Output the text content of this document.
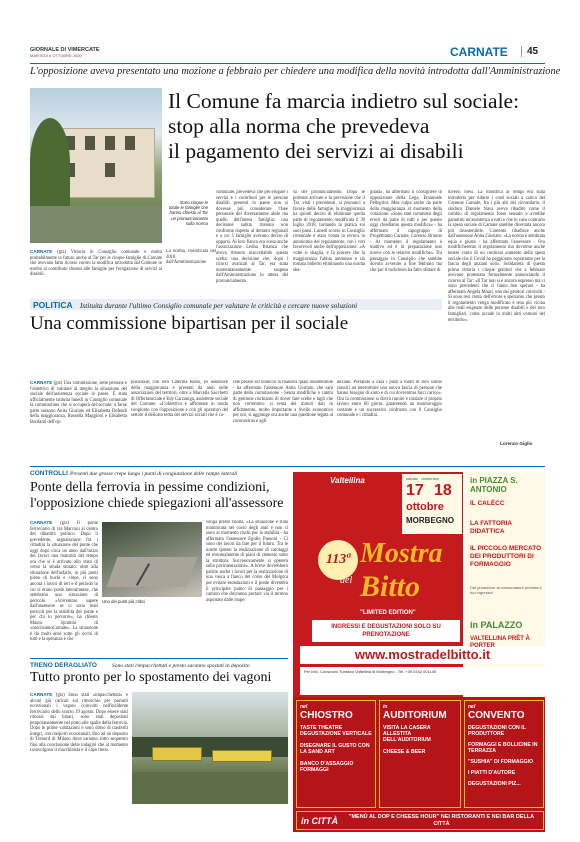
GIORNALE DI VIMERCATE
MARTEDÌ 6 OTTOBRE 2020	CARNATE	45
L'opposizione aveva presentato una mozione a febbraio per chiedere una modifica della novità introdotta dall'Amministrazione
Il Comune fa marcia indietro sul sociale:
stop alla norma che prevedeva
il pagamento dei servizi ai disabili
Sono cinque le totale le famiglie che hanno chiesto al Tar un pronunciamento sulla norma
CARNATE (gtz) Vittoria in Consiglio comunale e molto probabilmente in futuro anche al Tar per le cinque famiglie di Carnate che avevano fatto ricorso contro la modifica introdotta dal Comune in merito al contributo chiesto alle famiglie per l'erogazione di servizi ai disabili.
La norma, modificata nel 2018 dall'Amministrazione
comunale, prevedeva che per erogare i servizi e i contributi per le persone disabili presenti in paese non si dovesse più considerare l'Isee personale del diversamente abile ma quello dell'intera famiglia: una decisione subito ritenuta non conforme rispetto al dettami regionali e a cui 5 famiglie avevano deciso di opporsi. Al loro fianco era scesa anche l'associazione Ledha Brianza che aveva ritenuto inaccettabile questa scelta: una decisione che, dopo i ricorsi avanzati al Tar, era stata momentaneamente sospesa dall'Amministrazione in attesa del pronunciamento.
sa del pronunciamento. Dopo le proteste arrivate e la previsione che il Tar, visti i precedenti, si pronunci a favore delle famiglie, la maggioranza ha quindi deciso di eliminare quella parte di regolamento modificata il 30 luglio 2018, tornando in pratica sui suoi passi. Lunedì scorso in Consiglio comunale è stata votata la revoca in autonomia del regolamento, con i voti favorevoli anche dell'opposizione: «A volte si sbaglia, e fa piacere che la maggioranza l'abbia ammesso e sia tornata indietro eliminando una norma sba-
gliata», ha affermato il consigliere di opposizione della Lega, Emanuele Pellegrini. Mea culpa anche da parte della maggioranza al momento della votazione: «Sono stati commessi degli errori da parte di tutti e per questo oggi chiediamo questa modifica» - ha affermato il capogruppo di Progettiamo Carnate, Lorenzo Bruono - Al momento il regolamento è inattivo ed è in preparazione uno nuovo con le relative modifiche». Tra passaggio in Consiglio che sarebbe dovuto avvenire a fine febbraio ma che poi il lockdown ha fatto slittare di
diversi mesi. La modifica ai tempi era stata introdotta per ridurre i costi sociali a carico del Comune Carnate, fra i più alti del circondario, il sindaco Daniele Nava aveva ribadito come il cambio di regolamento fosse sensato e avrebbe garantito un'assistenza a tutti e che in caso contrario la spesa sociale di Carnate sarebbe diventata ancora più insostenibile. Contento ribadisce anche dall'assessore Anita Giuriato: «La norma è sembrata equa e giusta - ha affermato l'assessore - Ora modificheremo il regolamento ma dovremo anche tenere conto di un continuo aumento della spesa sociale che il Covid ha peggiorato soprattutto per la fascia degli anziani soli». Solidarietà di questa prima vittoria i cinque genitori che a febbraio avevano protestato formalmente annunciando il ricorso al Tar: «Il Tar non si è ancora espresso ma ci sono precedenti che ci fanno ben sperare - ha affermato Angela Mauri, uno dei genitori coinvolti - Si sono resi conto dell'errore e speriamo che presto il regolamento venga modificato e resa più vicina alle reali esigenze delle persone disabili e dei loro famigliari, come accade in molti altri comuni del territorio».
Lorenzo Giglio
POLITICA Istituita durante l'ultimo Consiglio comunale per valutare le criticità e cercare nuove soluzioni
Una commissione bipartisan per il sociale
CARNATE (gtz) Una commissione, sette persone e l'obiettivo di valutare al meglio la situazione del sociale dell'assistenza sociale in paese. È stata ufficialmente istituita lunedì in Consiglio comunale la commissione che si occuperà del sociale: a farne parte saranno Anita Giuriato ed Elisabetta Defendi della maggioranza, Rossella Maggioni e Elisabetta Bonfanti dell'op-
posizione; con loro Caterina Rossi, ex assessore della maggioranza e presenti da anni nelle associazioni del territori, oltre a Marcella Sacchetti di Offertasociale e Edy Carzaniga, assistente sociale del Comune. «L'obiettivo è affrontare in modo congiunto con l'opposizione e con gli operatori del settore il delicato tema dei servizi sociali che è ca-
rate pesare sul bilancio in maniera quasi insostenibile - ha affermato l'assessore Anita Giuriato, che sarà parte della commissione - Senza modifiche o cambi di gestione rischiamo di dover fare scelte e tagli che non vorremmo: si tema dei minori dati in affidamento, molto importante a livello economico per noi, si aggiunge ora anche una questione legata al coronavirus e agli
anziani. Portando a casa i pasti a molti di loro siamo riusciti ad intercettare una nuova fascia di persone che hanno bisogno di aiuto e di cui dovremmo farci carico». Ora la commissione si dovrà riunire e iniziare il proprio lavoro entro 60 giorni, garantendo un monitoraggio costante e un successivo confronto con il Consiglio comunale e i cittadini.
CONTROLLI Presenti due grosse crepe lungo i punti di congiunzione delle rampe laterali
Ponte della ferrovia in pessime condizioni,
l'opposizione chiede spiegazioni all'assessore
CARNATE (gtz) Il ponte ferroviario di via Marconi al centro del dibattito politico. Dopo il precedente, segnalazione fra i cittadini la situazione del ponte che oggi dopo circa un anno dall'inizio dei lavori una maturità del tempo ora che si è arrivato allo stato di verso la strada situato: oltre alla situazione dell'asfalto, in più punti pieno di buchi e crepe, ci sono ancora i lavori di ieri e il periodo in cui si erano poste lateralmente, che sembrano una situazione di pericolo. «Vorremmo sapere dall'assessore se ci sono reali pericoli per la stabilità del ponte e per chi lo percorre», ha chiesto Mauro Spiattini di «noicisiamoCarnate». La situazione è da molti anni sotto gli occhi di tutti e la speranza è che
Uno dei punti più critici
venga presto risolta. «La situazione è stata monitorata nel corso degli anni e non ci sono al momento rischi per la stabilità - ha affermato l'assessore Egidio Passoni - Ci sono dei lavori da fare per il futuro. Tra le nostre ipotesi la realizzazione di carotaggi ed eventualmente di piani di cemento sotto la struttura. Successivamente si opererà sulla pavimentazione». A breve dovrebbero partire anche i lavori per la realizzazione di una vasca a fianco del corso del Molgora per evitare esondazioni e il ponte diventerà il principale punto di passaggio per i camion che dovranno portare via il terreno asportato dalle ruspe.
TRENO DERAGLIATO	Sono stati rimpacchettati e presto saranno spostati in deposito
Tutto pronto per lo spostamento dei vagoni
CARNATE (gtz) Sono stati «impacchettati» e alcuni già caricati sul rimorchio per portarli eccezionali i vagoni coinvolti nell'incidente ferroviario dello scorso 19 agosto. Dopo essere stati rimossi dai binari, sono stati depositati temporaneamente nel prato alle spalle della ferrovia. Dopo le prime valutazioni e sono dorso di trasferiti integri, con trasporti eccezionali, fino ad un deposito di Trenord di Milano dove saranno sotto sequestro fino alla conclusione delle indagini che al momento coinvolgono il macchinista e il capo treno.
Valtellina	sabato   domenica
17 18
ottobre
MORBEGNO
113ª Mostra
del Bitto
"LIMITED EDITION"
INGRESSI E DEGUSTAZIONI SOLO SU PRENOTAZIONE
www.mostradelbitto.it
Per info: Consorzio Turistico Valtellina di Morbegno - Tel. +39 0342 601140
in PIAZZA S. ANTONIO
IL CALÈCC
LA FATTORIA DIDATTICA
IL PICCOLO MERCATO DEI PRODUTTORI DI FORMAGGIO
Dal produttore al consumatore prenota il tuo ingresso!
in PALAZZO
VALTELLINA PRÊT À PORTER
nel
CHIOSTRO
TASTE THEATRE DEGUSTAZIONE VERTICALE
DISEGNARE IL GUSTO CON LA SAND ART
BANCO D'ASSAGGIO FORMAGGI
in
AUDITORIUM
VISITA LA CASERA ALLESTITA DELL'AUDITORIUM
CHEESE & BEER
nel
CONVENTO
DEGUSTAZIONI CON IL PRODUTTORE
FORMAGGI E BOLLICINE IN TERRAZZA
"SUSHIA" DI FORMAGGIO
I PIATTI D'AUTORE
DEGUSTAZIONI PIZ...
in CITTÀ	"MENÙ AL DOP E CHEESE HOUR" NEI RISTORANTI E NEI BAR DELLA CITTÀ
